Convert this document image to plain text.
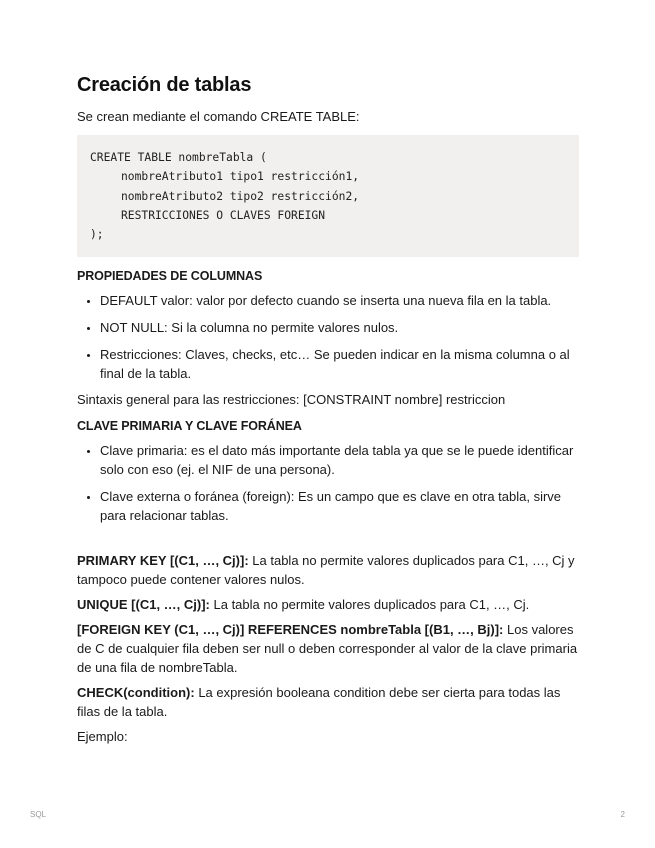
Creación de tablas

Se crean mediante el comando CREATE TABLE:

CREATE TABLE nombreTabla (
nombreAtributo1 tipo1 restricción1,
nombreAtributo2 tipo2 restricción2,
RESTRICCIONES O CLAVES FOREIGN
);

PROPIEDADES DE COLUMNAS

• DEFAULT valor: valor por defecto cuando se inserta una nueva fila en la tabla.
• NOT NULL: Si la columna no permite valores nulos.
• Restricciones: Claves, checks, etc… Se pueden indicar en la misma columna o al final de la tabla.

Sintaxis general para las restricciones: [CONSTRAINT nombre] restriccion

CLAVE PRIMARIA Y CLAVE FORÁNEA

• Clave primaria: es el dato más importante dela tabla ya que se le puede identificar solo con eso (ej. el NIF de una persona).
• Clave externa o foránea (foreign): Es un campo que es clave en otra tabla, sirve para relacionar tablas.

PRIMARY KEY [(C1, …, Cj)]: La tabla no permite valores duplicados para C1, …, Cj y tampoco puede contener valores nulos.

UNIQUE [(C1, …, Cj)]: La tabla no permite valores duplicados para C1, …, Cj.

[FOREIGN KEY (C1, …, Cj)] REFERENCES nombreTabla [(B1, …, Bj)]: Los valores de C de cualquier fila deben ser null o deben corresponder al valor de la clave primaria de una fila de nombreTabla.

CHECK(condition): La expresión booleana condition debe ser cierta para todas las filas de la tabla.

Ejemplo:

SQL	2
